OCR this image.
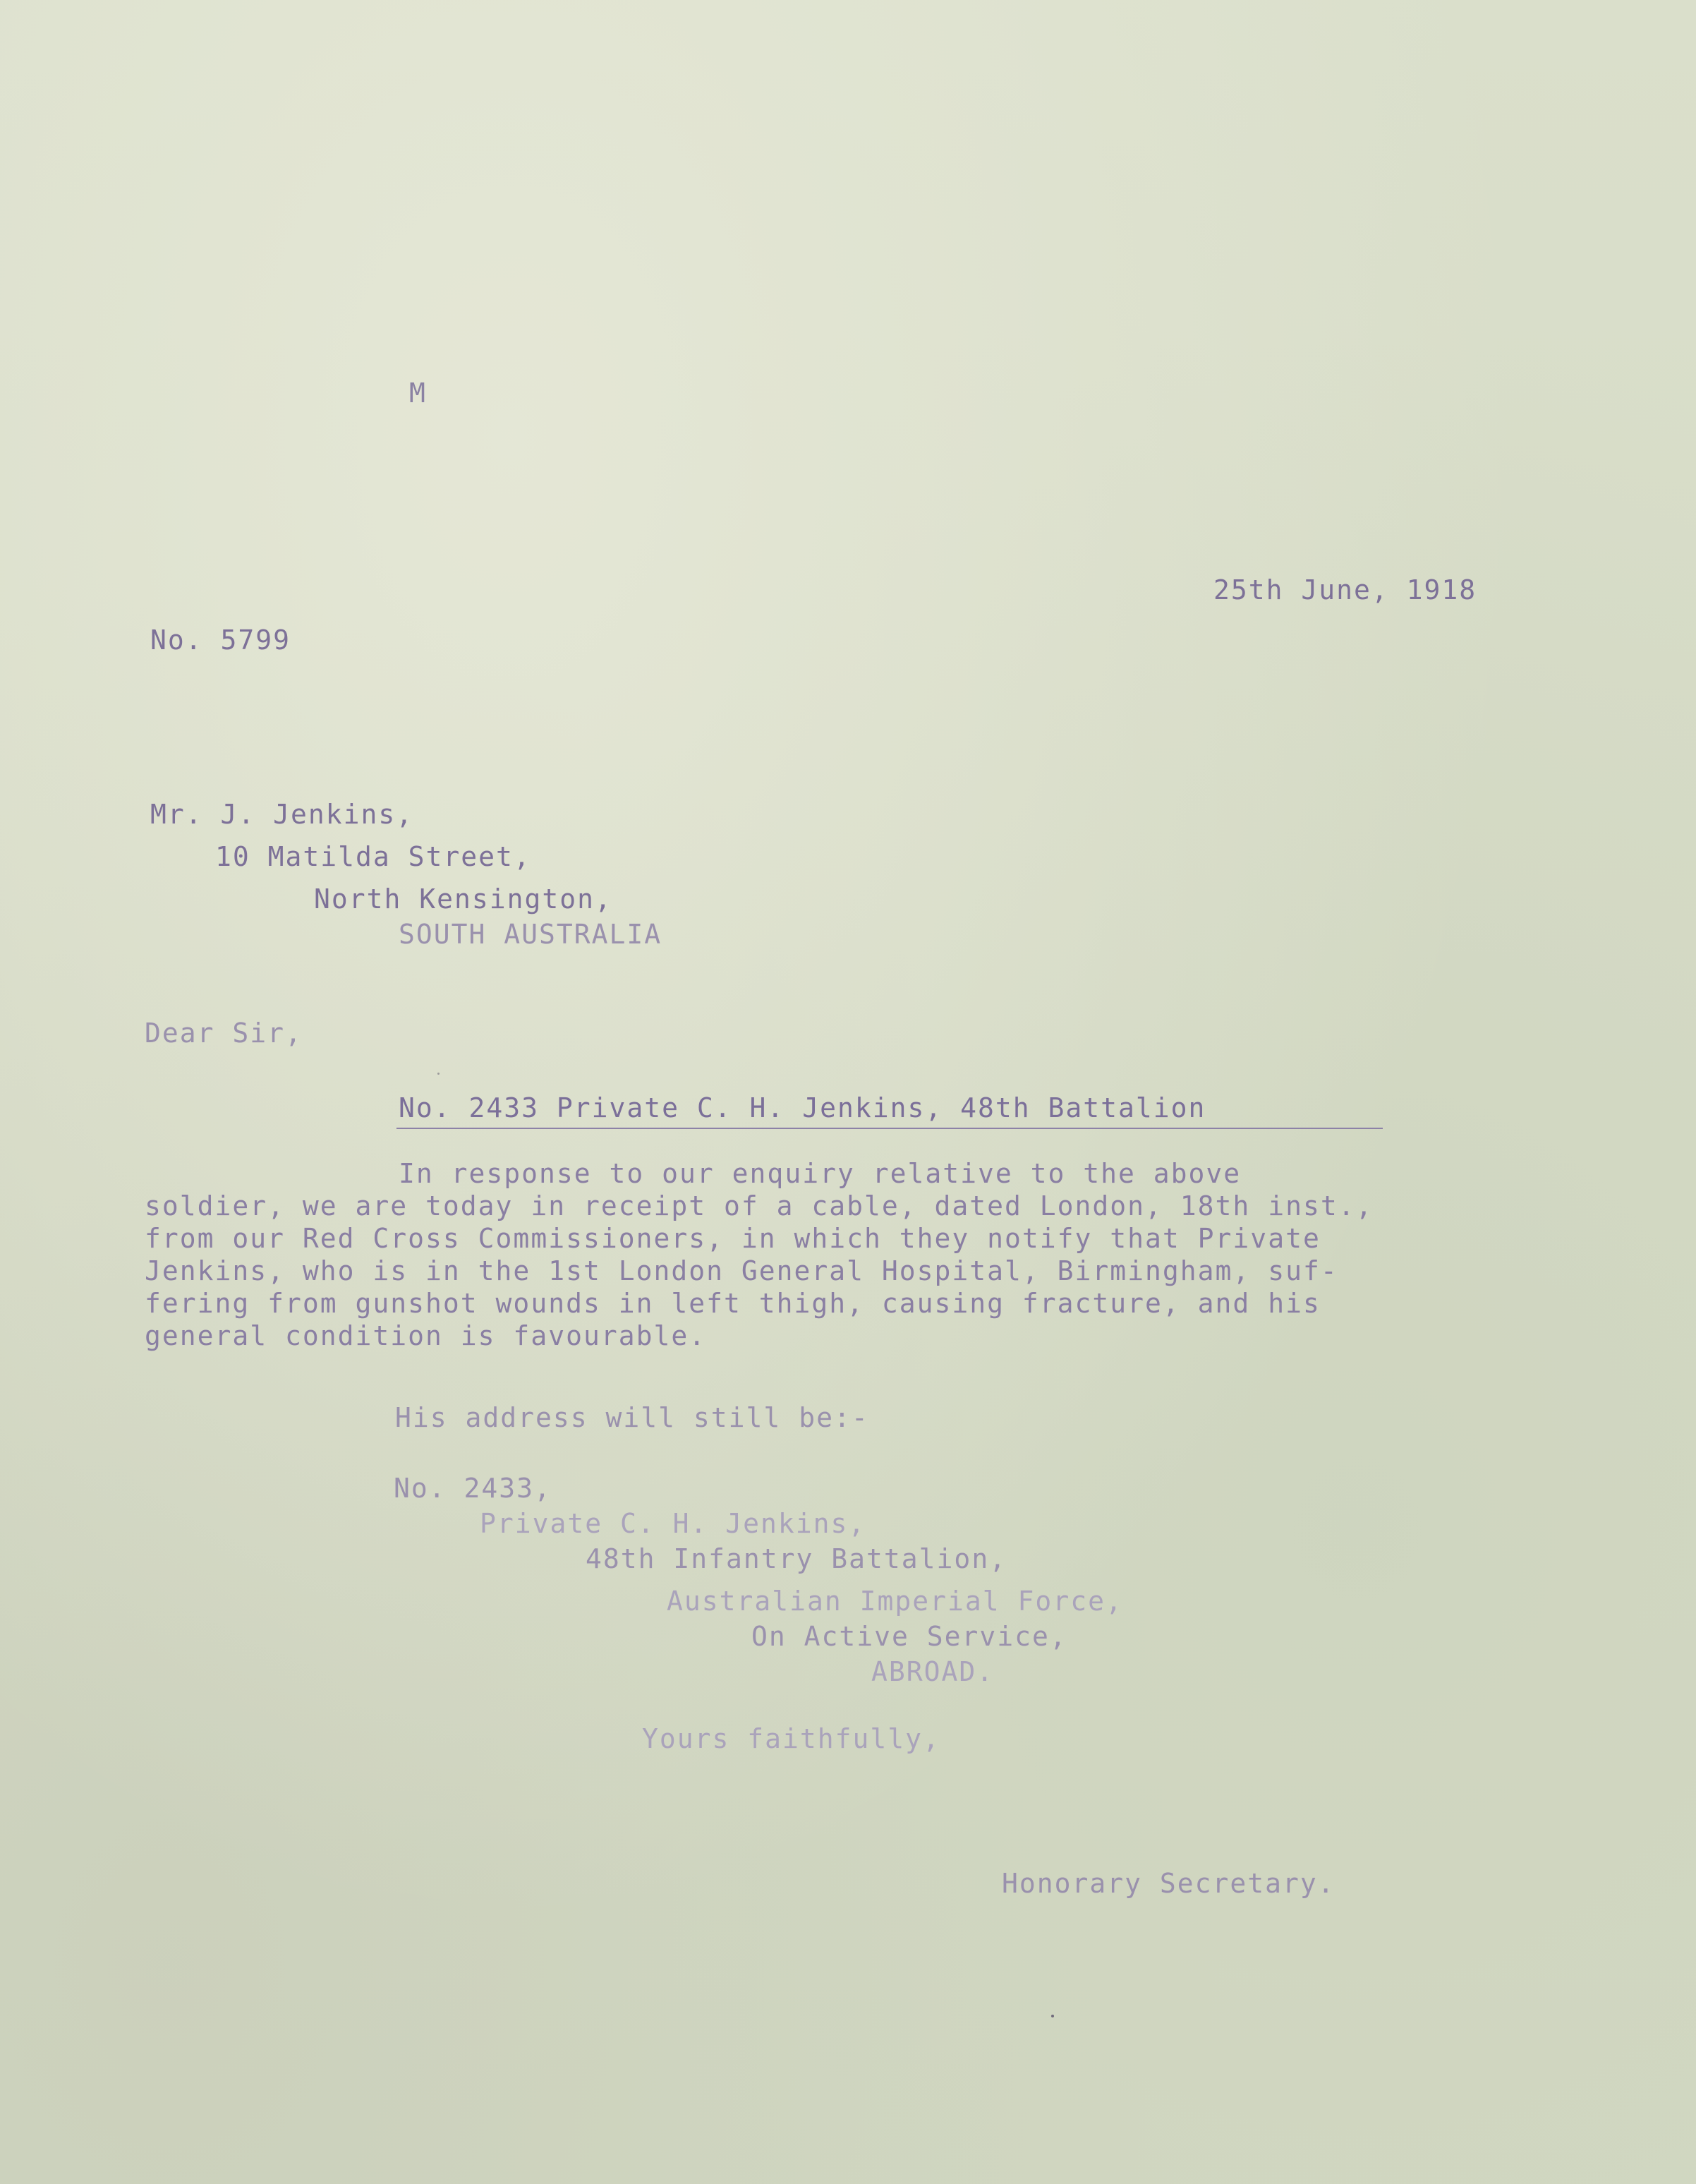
M
25th June, 1918
No. 5799
Mr. J. Jenkins,
10 Matilda Street,
North Kensington,
SOUTH AUSTRALIA
Dear Sir,
No. 2433 Private C. H. Jenkins, 48th Battalion
In response to our enquiry relative to the above
soldier, we are today in receipt of a cable, dated London, 18th inst.,
from our Red Cross Commissioners, in which they notify that Private
Jenkins, who is in the 1st London General Hospital, Birmingham, suf-
fering from gunshot wounds in left thigh, causing fracture, and his
general condition is favourable.
His address will still be:-
No. 2433,
Private C. H. Jenkins,
48th Infantry Battalion,
Australian Imperial Force,
On Active Service,
ABROAD.
Yours faithfully,
Honorary Secretary.
